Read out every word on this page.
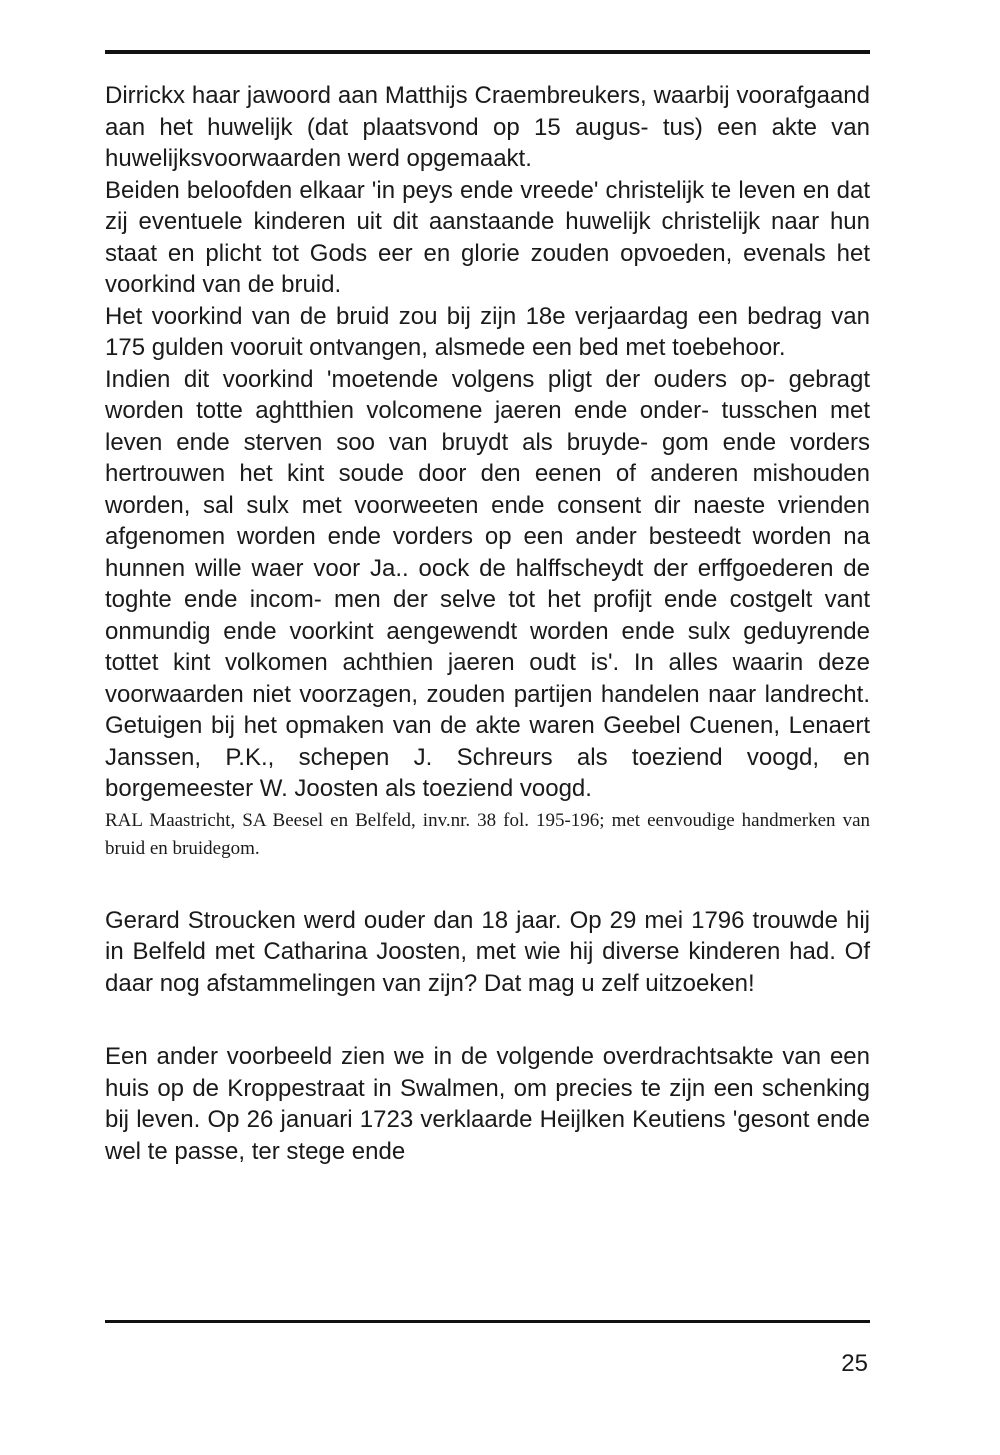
Dirrickx haar jawoord aan Matthijs Craembreukers, waarbij voorafgaand aan het huwelijk (dat plaatsvond op 15 augus- tus) een akte van huwelijksvoorwaarden werd opgemaakt.

Beiden beloofden elkaar 'in peys ende vreede' christelijk te leven en dat zij eventuele kinderen uit dit aanstaande huwelijk christelijk naar hun staat en plicht tot Gods eer en glorie zouden opvoeden, evenals het voorkind van de bruid.

Het voorkind van de bruid zou bij zijn 18e verjaardag een bedrag van 175 gulden vooruit ontvangen, alsmede een bed met toebehoor.

Indien dit voorkind 'moetende volgens pligt der ouders op- gebragt worden totte aghtthien volcomene jaeren ende onder- tusschen met leven ende sterven soo van bruydt als bruyde- gom ende vorders hertrouwen het kint soude door den eenen of anderen mishouden worden, sal sulx met voorweeten ende consent dir naeste vrienden afgenomen worden ende vorders op een ander besteedt worden na hunnen wille waer voor Ja.. oock de halffscheydt der erffgoederen de toghte ende incom- men der selve tot het profijt ende costgelt vant onmundig ende voorkint aengewendt worden ende sulx geduyrende tottet kint volkomen achthien jaeren oudt is'. In alles waarin deze voorwaarden niet voorzagen, zouden partijen handelen naar landrecht. Getuigen bij het opmaken van de akte waren Geebel Cuenen, Lenaert Janssen, P.K., schepen J. Schreurs als toeziend voogd, en borgemeester W. Joosten als toeziend voogd.

RAL Maastricht, SA Beesel en Belfeld, inv.nr. 38 fol. 195-196; met eenvoudige handmerken van bruid en bruidegom.

Gerard Stroucken werd ouder dan 18 jaar. Op 29 mei 1796 trouwde hij in Belfeld met Catharina Joosten, met wie hij diverse kinderen had. Of daar nog afstammelingen van zijn? Dat mag u zelf uitzoeken!

Een ander voorbeeld zien we in de volgende overdrachtsakte van een huis op de Kroppestraat in Swalmen, om precies te zijn een schenking bij leven. Op 26 januari 1723 verklaarde Heijlken Keutiens 'gesont ende wel te passe, ter stege ende

25
